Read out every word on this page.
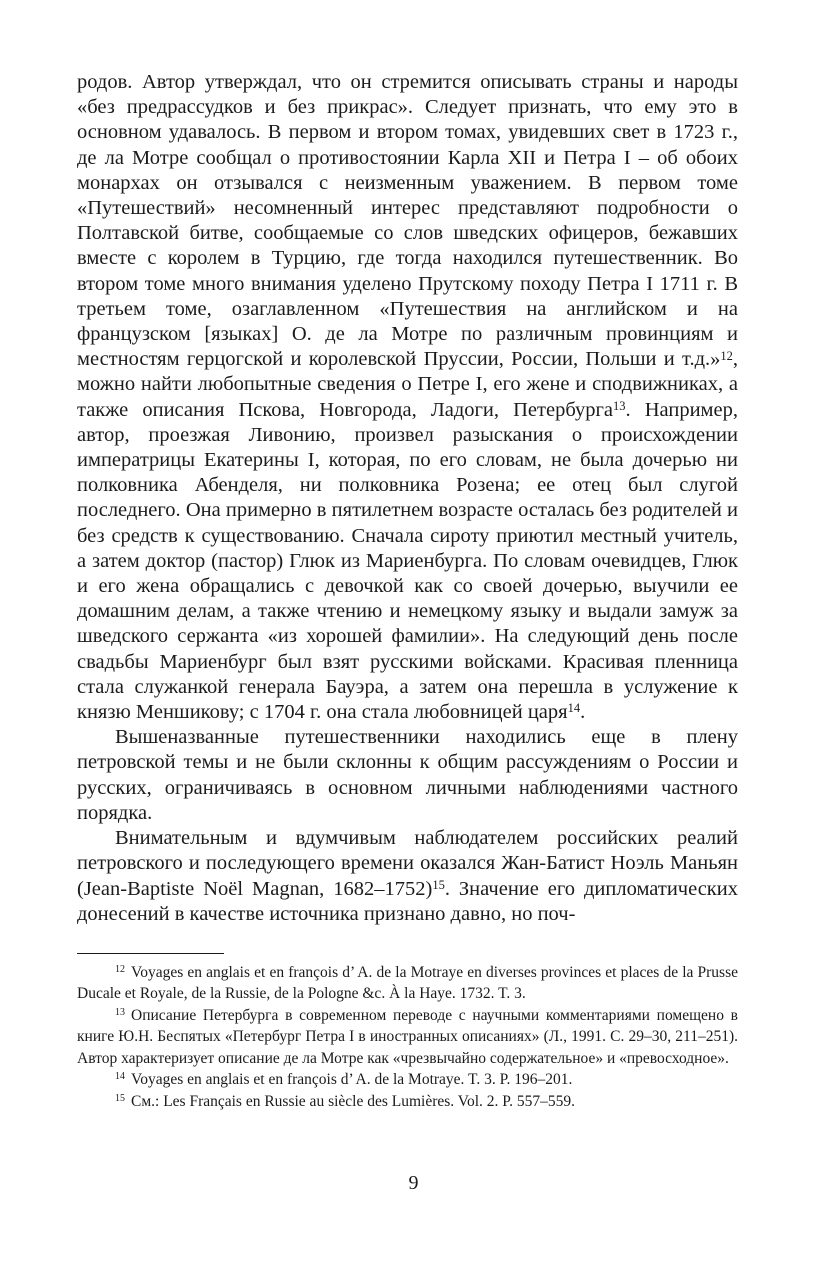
родов. Автор утверждал, что он стремится описывать страны и народы «без предрассудков и без прикрас». Следует признать, что ему это в основном удавалось. В первом и втором томах, увидевших свет в 1723 г., де ла Мотре сообщал о противостоянии Карла XII и Петра I – об обоих монархах он отзывался с неизменным уважением. В первом томе «Путешествий» несомненный интерес представляют подробности о Полтавской битве, сообщаемые со слов шведских офицеров, бежавших вместе с королем в Турцию, где тогда находился путешественник. Во втором томе много внимания уделено Прутскому походу Петра I 1711 г. В третьем томе, озаглавленном «Путешествия на английском и на французском [языках] О. де ла Мотре по различным провинциям и местностям герцогской и королевской Пруссии, России, Польши и т.д.»$^{12}$, можно найти любопытные сведения о Петре I, его жене и сподвижниках, а также описания Пскова, Новгорода, Ладоги, Петербурга$^{13}$. Например, автор, проезжая Ливонию, произвел разыскания о происхождении императрицы Екатерины I, которая, по его словам, не была дочерью ни полковника Абенделя, ни полковника Розена; ее отец был слугой последнего. Она примерно в пятилетнем возрасте осталась без родителей и без средств к существованию. Сначала сироту приютил местный учитель, а затем доктор (пастор) Глюк из Мариенбурга. По словам очевидцев, Глюк и его жена обращались с девочкой как со своей дочерью, выучили ее домашним делам, а также чтению и немецкому языку и выдали замуж за шведского сержанта «из хорошей фамилии». На следующий день после свадьбы Мариенбург был взят русскими войсками. Красивая пленница стала служанкой генерала Бауэра, а затем она перешла в услужение к князю Меншикову; с 1704 г. она стала любовницей царя$^{14}$.

Вышеназванные путешественники находились еще в плену петровской темы и не были склонны к общим рассуждениям о России и русских, ограничиваясь в основном личными наблюдениями частного порядка.

Внимательным и вдумчивым наблюдателем российских реалий петровского и последующего времени оказался Жан-Батист Ноэль Маньян (Jean-Baptiste Noël Magnan, 1682–1752)$^{15}$. Значение его дипломатических донесений в качестве источника признано давно, но поч-

$^{12}$ Voyages en anglais et en françois d’ A. de la Motraye en diverses provinces et places de la Prusse Ducale et Royale, de la Russie, de la Pologne &c. À la Haye. 1732. T. 3.

$^{13}$ Описание Петербурга в современном переводе с научными комментариями помещено в книге Ю.Н. Беспятых «Петербург Петра I в иностранных описаниях» (Л., 1991. С. 29–30, 211–251). Автор характеризует описание де ла Мотре как «чрезвычайно содержательное» и «превосходное».

$^{14}$ Voyages en anglais et en françois d’ A. de la Motraye. T. 3. P. 196–201.

$^{15}$ См.: Les Français en Russie au siècle des Lumières. Vol. 2. P. 557–559.

9
